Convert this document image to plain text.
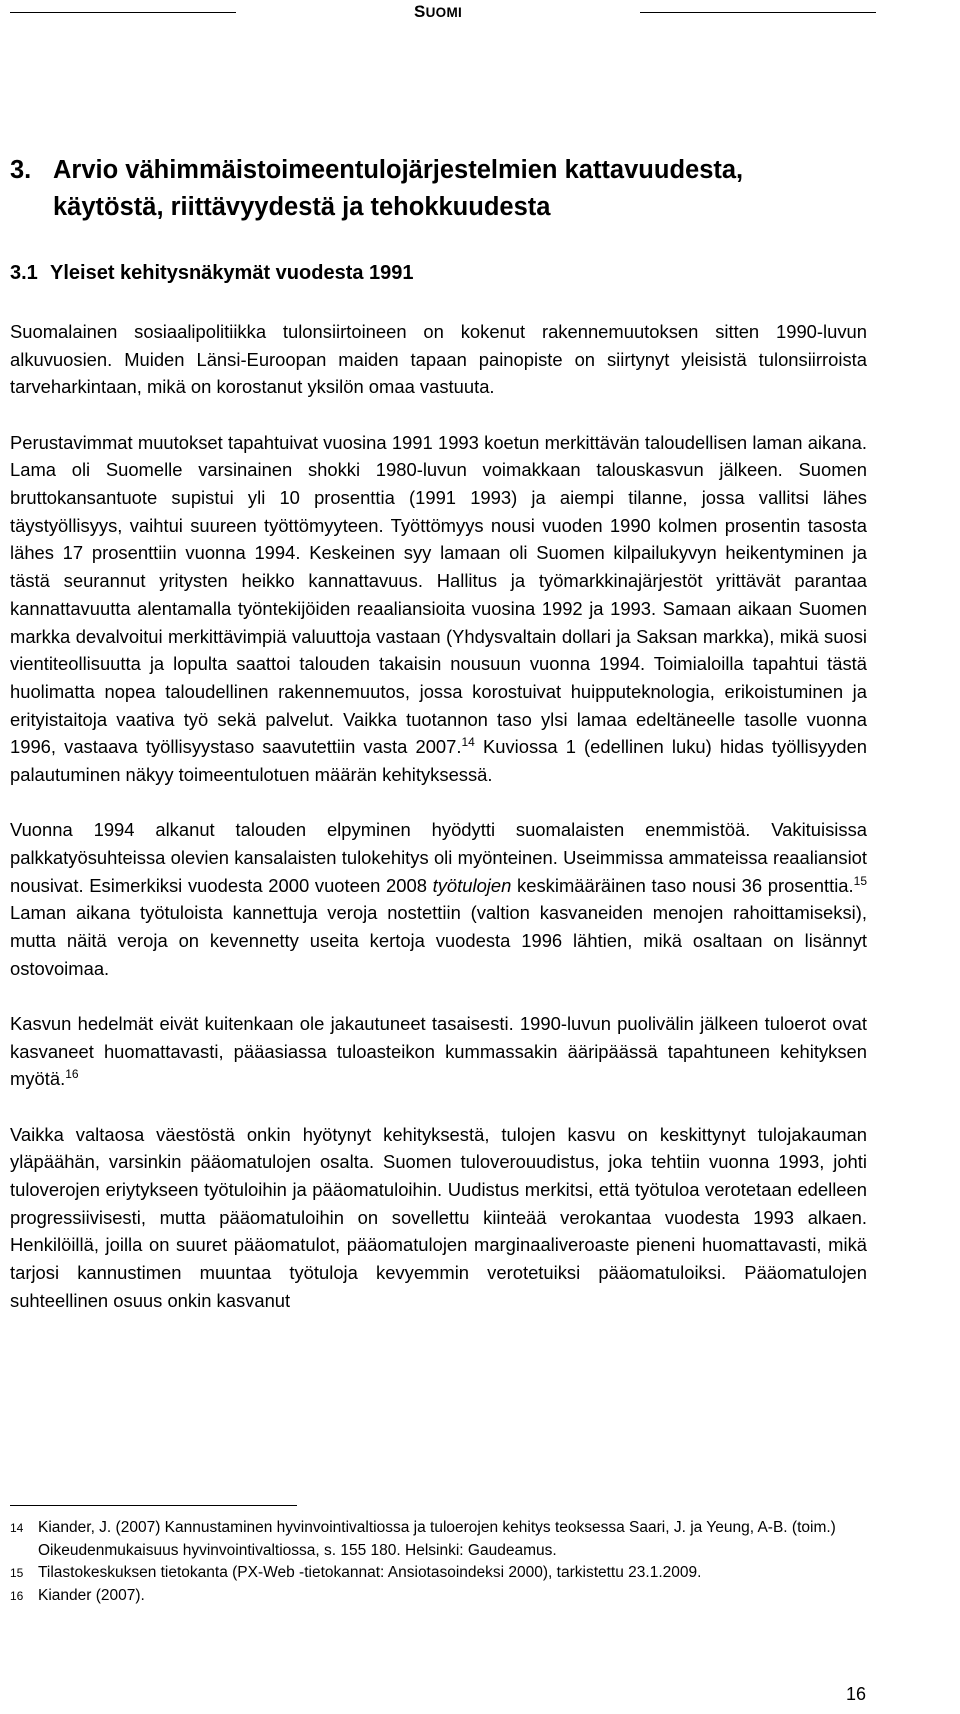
SUOMI
3. Arvio vähimmäistoimeentulojärjestelmien kattavuudesta,
käytöstä, riittävyydestä ja tehokkuudesta
3.1 Yleiset kehitysnäkymät vuodesta 1991

Suomalainen sosiaalipolitiikka tulonsiirtoineen on kokenut rakennemuutoksen sitten 1990-luvun alkuvuosien. Muiden Länsi-Euroopan maiden tapaan painopiste on siirtynyt yleisistä tulonsiirroista tarveharkintaan, mikä on korostanut yksilön omaa vastuuta.

Perustavimmat muutokset tapahtuivat vuosina 1991 1993 koetun merkittävän taloudellisen laman aikana. Lama oli Suomelle varsinainen shokki 1980-luvun voimakkaan talouskasvun jälkeen. Suomen bruttokansantuote supistui yli 10 prosenttia (1991 1993) ja aiempi tilanne, jossa vallitsi lähes täystyöllisyys, vaihtui suureen työttömyyteen. Työttömyys nousi vuoden 1990 kolmen prosentin tasosta lähes 17 prosenttiin vuonna 1994. Keskeinen syy lamaan oli Suomen kilpailukyvyn heikentyminen ja tästä seurannut yritysten heikko kannattavuus. Hallitus ja työmarkkinajärjestöt yrittävät parantaa kannattavuutta alentamalla työntekijöiden reaaliansioita vuosina 1992 ja 1993. Samaan aikaan Suomen markka devalvoitui merkittävimpiä valuuttoja vastaan (Yhdysvaltain dollari ja Saksan markka), mikä suosi vientiteollisuutta ja lopulta saattoi talouden takaisin nousuun vuonna 1994. Toimialoilla tapahtui tästä huolimatta nopea taloudellinen rakennemuutos, jossa korostuivat huipputeknologia, erikoistuminen ja erityistaitoja vaativa työ sekä palvelut. Vaikka tuotannon taso ylsi lamaa edeltäneelle tasolle vuonna 1996, vastaava työllisyystaso saavutettiin vasta 2007.14 Kuviossa 1 (edellinen luku) hidas työllisyyden palautuminen näkyy toimeentulotuen määrän kehityksessä.

Vuonna 1994 alkanut talouden elpyminen hyödytti suomalaisten enemmistöä. Vakituisissa palkkatyösuhteissa olevien kansalaisten tulokehitys oli myönteinen. Useimmissa ammateissa reaaliansiot nousivat. Esimerkiksi vuodesta 2000 vuoteen 2008 työtulojen keskimääräinen taso nousi 36 prosenttia.$^{15}$ Laman aikana työtuloista kannettuja veroja nostettiin (valtion kasvaneiden menojen rahoittamiseksi), mutta näitä veroja on kevennetty useita kertoja vuodesta 1996 lähtien, mikä osaltaan on lisännyt ostovoimaa.

Kasvun hedelmät eivät kuitenkaan ole jakautuneet tasaisesti. 1990-luvun puolivälin jälkeen tuloerot ovat kasvaneet huomattavasti, pääasiassa tuloasteikon kummassakin ääripäässä tapahtuneen kehityksen myötä.$^{16}$

Vaikka valtaosa väestöstä onkin hyötynyt kehityksestä, tulojen kasvu on keskittynyt tulojakauman yläpäähän, varsinkin pääomatulojen osalta. Suomen tuloverouudistus, joka tehtiin vuonna 1993, johti tuloverojen eriytykseen työtuloihin ja pääomatuloihin. Uudistus merkitsi, että työtuloa verotetaan edelleen progressiivisesti, mutta pääomatuloihin on sovellettu kiinteää verokantaa vuodesta 1993 alkaen. Henkilöillä, joilla on suuret pääomatulot, pääomatulojen marginaaliveroaste pieneni huomattavasti, mikä tarjosi kannustimen muuntaa työtuloja kevyemmin verotetuiksi pääomatuloiksi. Pääomatulojen suhteellinen osuus onkin kasvanut

14 Kiander, J. (2007) Kannustaminen hyvinvointivaltiossa ja tuloerojen kehitys teoksessa Saari, J. ja Yeung, A-B. (toim.) Oikeudenmukaisuus hyvinvointivaltiossa, s. 155 180. Helsinki: Gaudeamus.
15 Tilastokeskuksen tietokanta (PX-Web -tietokannat: Ansiotasoindeksi 2000), tarkistettu 23.1.2009.
16 Kiander (2007).
16
